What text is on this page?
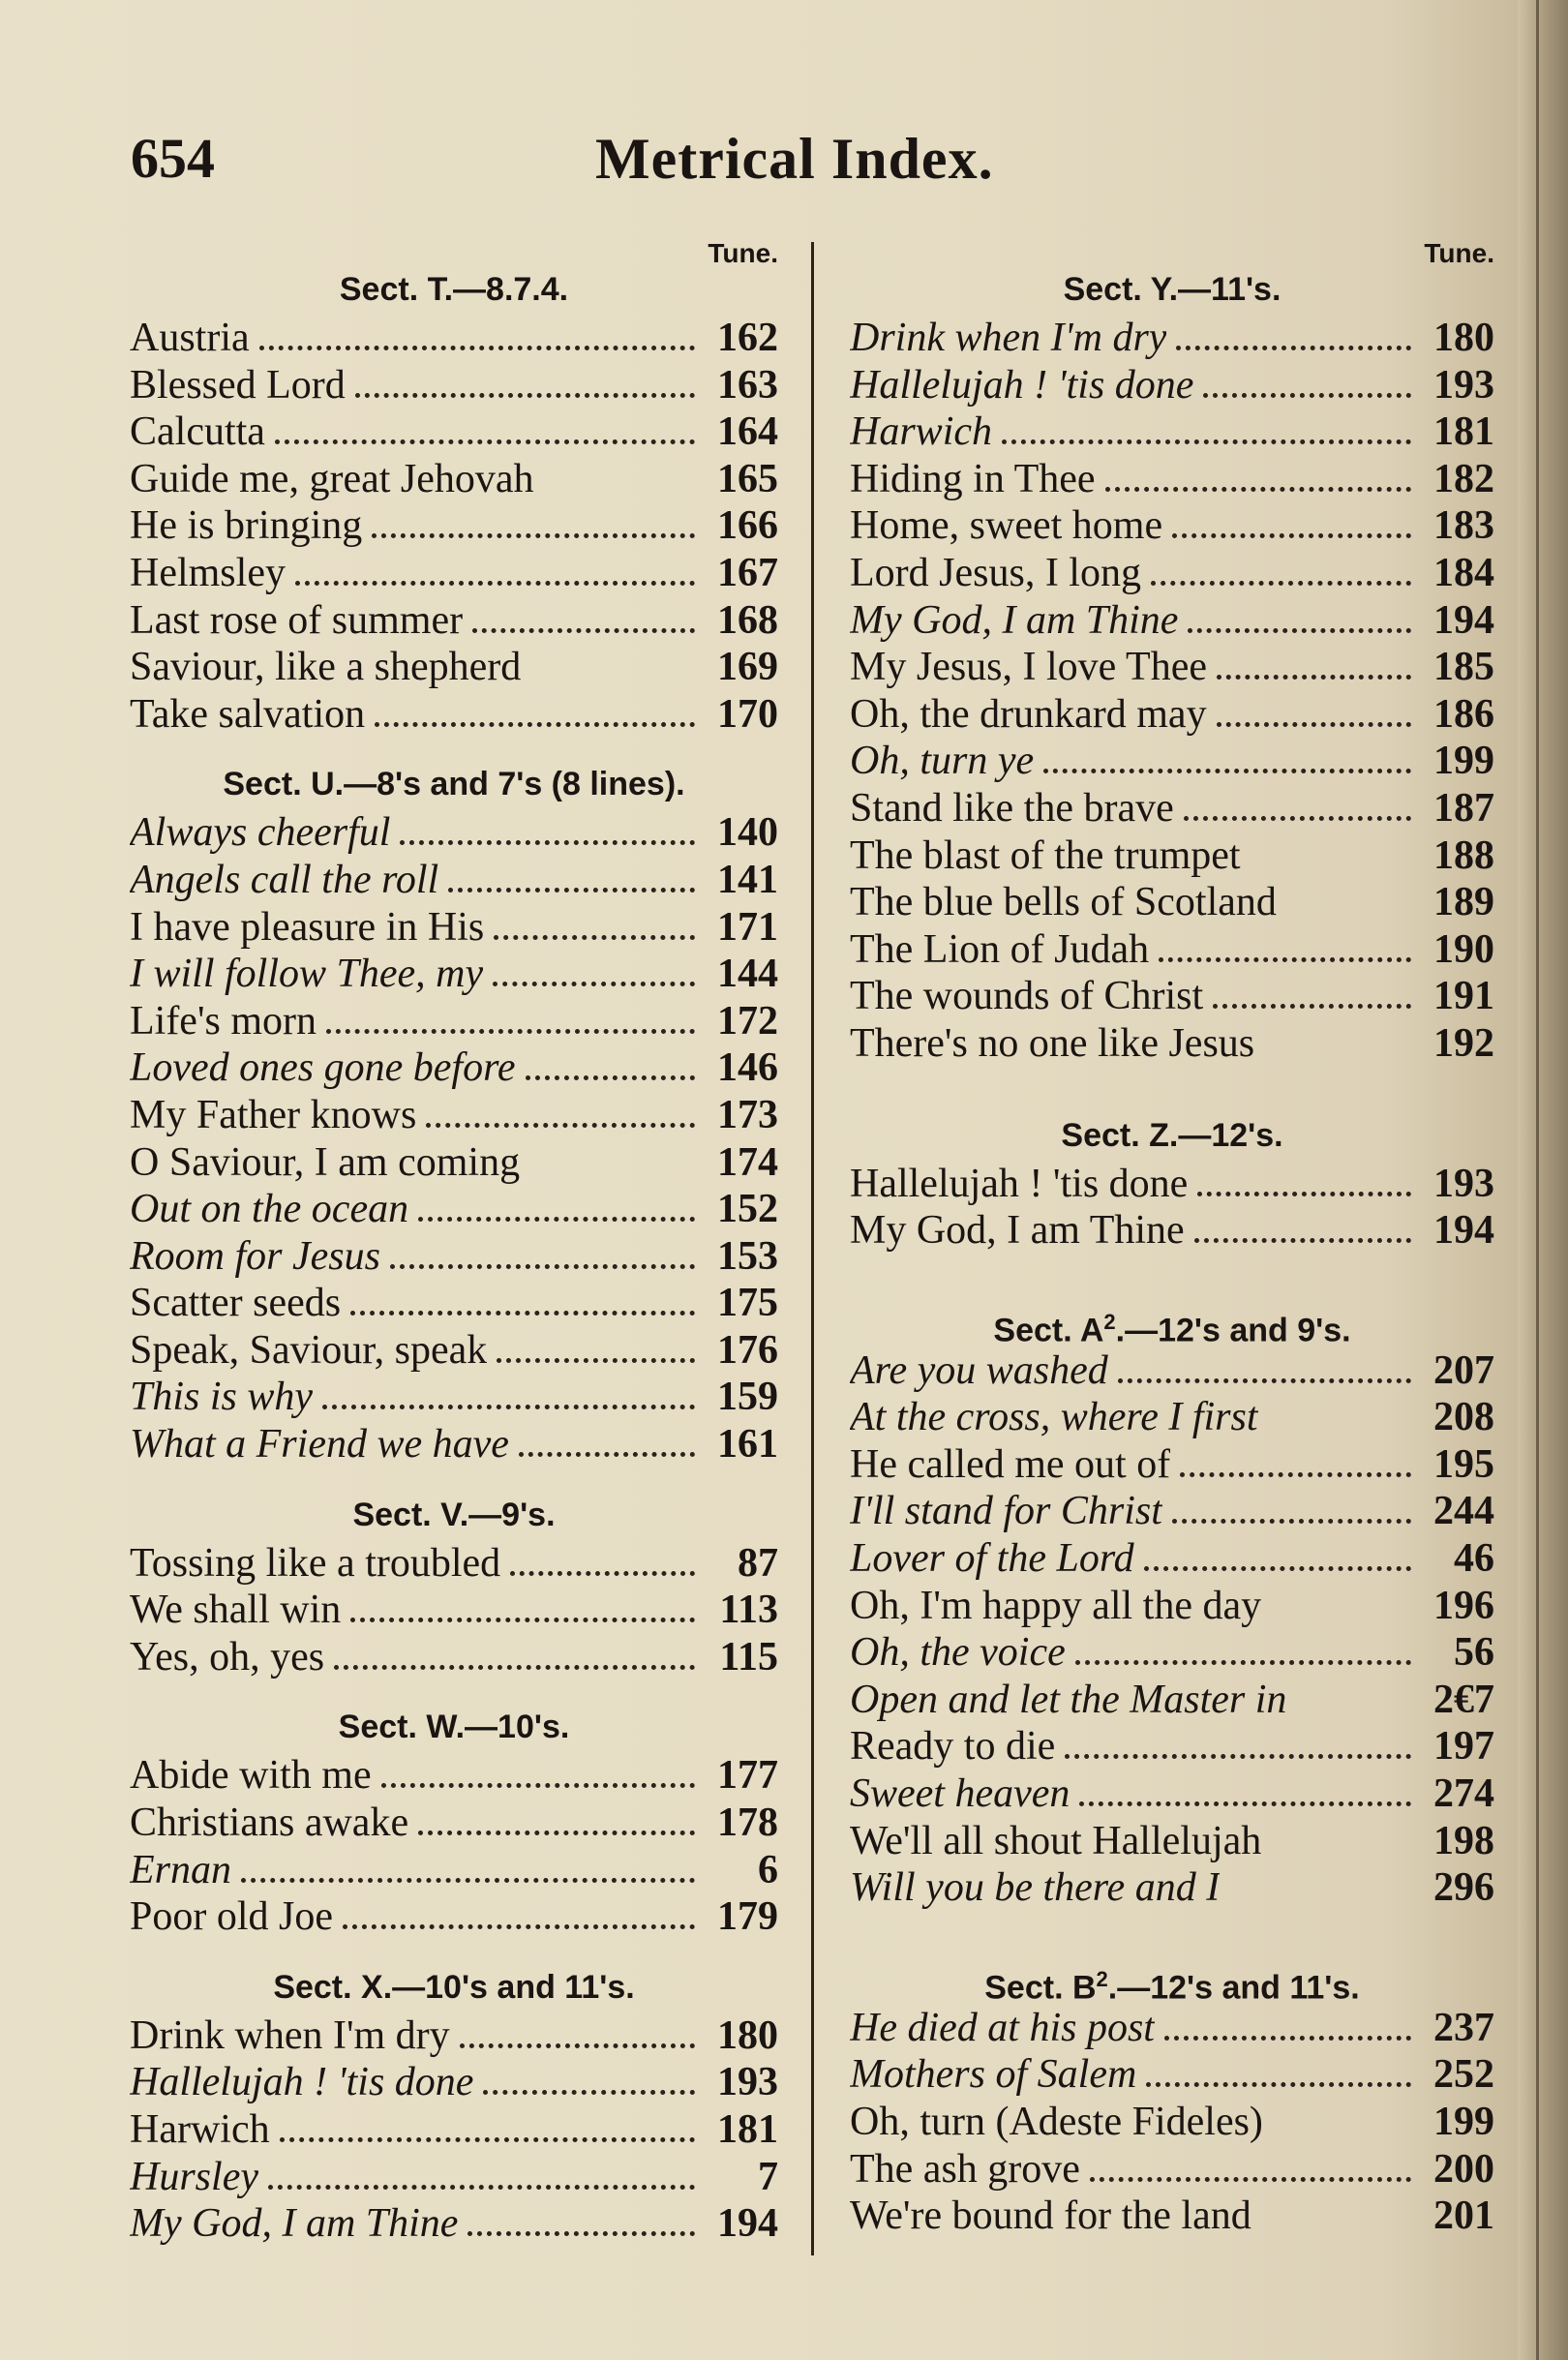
654	Metrical Index.
Tune.
Sect. T.—8.7.4.
Austria	162
Blessed Lord	163
Calcutta	164
Guide me, great Jehovah	165
He is bringing	166
Helmsley	167
Last rose of summer	168
Saviour, like a shepherd	169
Take salvation	170
Sect. U.—8's and 7's (8 lines).
Always cheerful	140
Angels call the roll	141
I have pleasure in His	171
I will follow Thee, my	144
Life's morn	172
Loved ones gone before	146
My Father knows	173
O Saviour, I am coming	174
Out on the ocean	152
Room for Jesus	153
Scatter seeds	175
Speak, Saviour, speak	176
This is why	159
What a Friend we have	161
Sect. V.—9's.
Tossing like a troubled	87
We shall win	113
Yes, oh, yes	115
Sect. W.—10's.
Abide with me	177
Christians awake	178
Ernan	6
Poor old Joe	179
Sect. X.—10's and 11's.
Drink when I'm dry	180
Hallelujah ! 'tis done	193
Harwich	181
Hursley	7
My God, I am Thine	194
Tune.
Sect. Y.—11's.
Drink when I'm dry	180
Hallelujah ! 'tis done	193
Harwich	181
Hiding in Thee	182
Home, sweet home	183
Lord Jesus, I long	184
My God, I am Thine	194
My Jesus, I love Thee	185
Oh, the drunkard may	186
Oh, turn ye	199
Stand like the brave	187
The blast of the trumpet	188
The blue bells of Scotland	189
The Lion of Judah	190
The wounds of Christ	191
There's no one like Jesus	192
Sect. Z.—12's.
Hallelujah ! 'tis done	193
My God, I am Thine	194
Sect. $A^2.—12's$ and 9's.
Are you washed	207
At the cross, where I first	208
He called me out of	195
I'll stand for Christ	244
Lover of the Lord	46
Oh, I'm happy all the day	196
Oh, the voice	56
Open and let the Master in	2€7
Ready to die	197
Sweet heaven	274
We'll all shout Hallelujah	198
Will you be there and I	296
Sect. $B^2.—12's$ and 11's.
He died at his post	237
Mothers of Salem	252
Oh, turn (Adeste Fideles)	199
The ash grove	200
We're bound for the land	201
